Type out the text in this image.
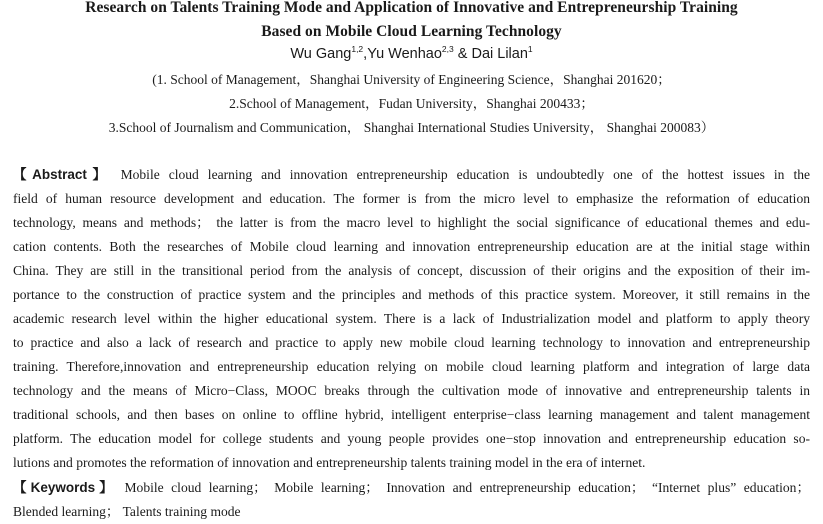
Research on Talents Training Mode and Application of Innovative and Entrepreneurship Training
Based on Mobile Cloud Learning Technology
Wu Gang$^{1,2}$,Yu Wenhao$^{2,3}$ & Dai Lilan$^1$
(1. School of Management，Shanghai University of Engineering Science，Shanghai 201620；
2.School of Management，Fudan University，Shanghai 200433；
3.School of Journalism and Communication， Shanghai International Studies University， Shanghai 200083）

【Abstract】 Mobile cloud learning and innovation entrepreneurship education is undoubtedly one of the hottest issues in the

field of human resource development and education. The former is from the micro level to emphasize the reformation of education

technology, means and methods； the latter is from the macro level to highlight the social significance of educational themes and edu-

cation contents. Both the researches of Mobile cloud learning and innovation entrepreneurship education are at the initial stage within

China. They are still in the transitional period from the analysis of concept, discussion of their origins and the exposition of their im-

portance to the construction of practice system and the principles and methods of this practice system. Moreover, it still remains in the

academic research level within the higher educational system. There is a lack of Industrialization model and platform to apply theory

to practice and also a lack of research and practice to apply new mobile cloud learning technology to innovation and entrepreneurship

training. Therefore,innovation and entrepreneurship education relying on mobile cloud learning platform and integration of large data

technology and the means of Micro−Class, MOOC breaks through the cultivation mode of innovative and entrepreneurship talents in

traditional schools, and then bases on online to offline hybrid, intelligent enterprise−class learning management and talent management

platform. The education model for college students and young people provides one−stop innovation and entrepreneurship education so-

lutions and promotes the reformation of innovation and entrepreneurship talents training model in the era of internet.

【Keywords】 Mobile cloud learning； Mobile learning； Innovation and entrepreneurship education； “Internet plus” education；

Blended learning； Talents training mode
